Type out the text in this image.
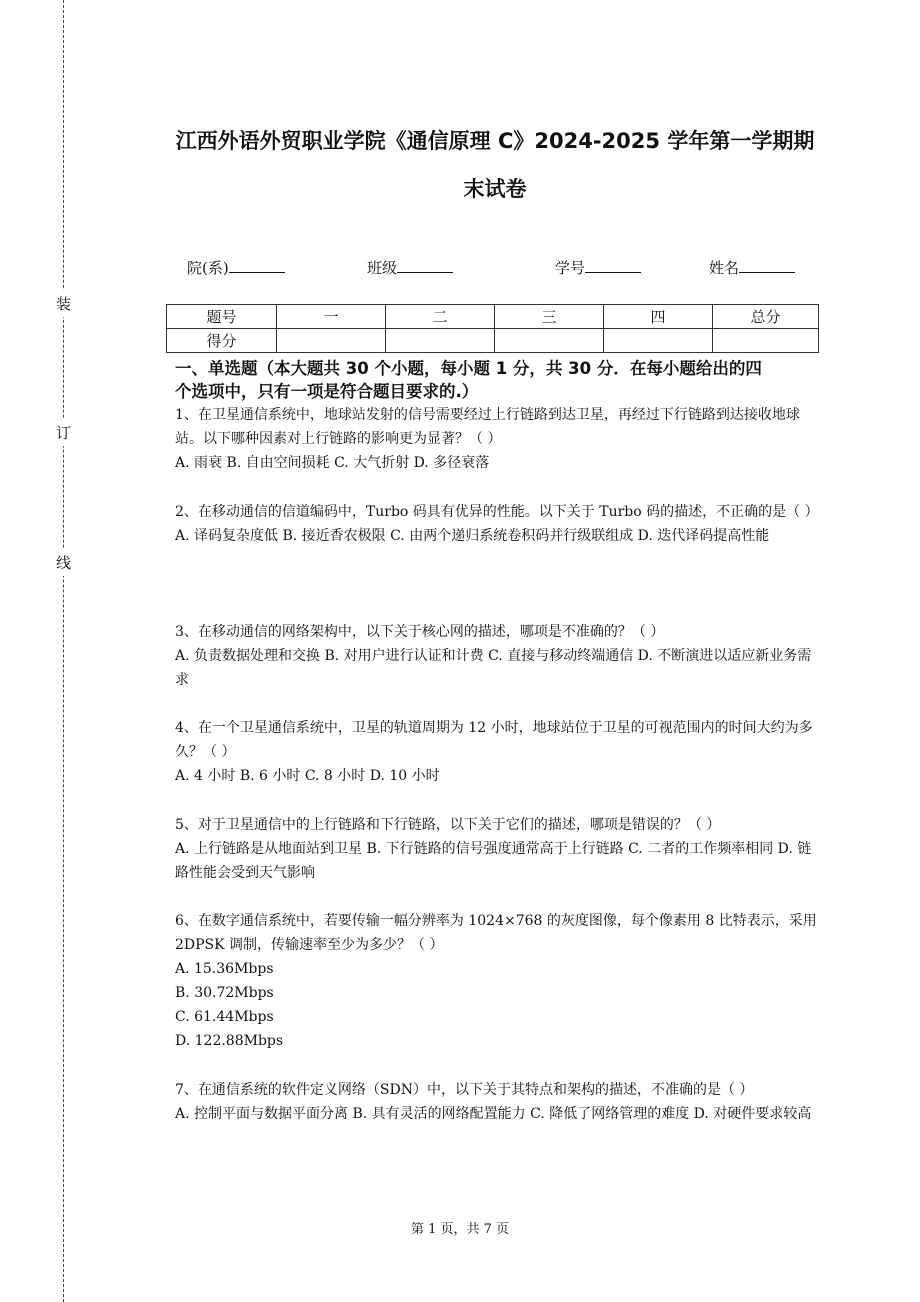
装
订
线
江西外语外贸职业学院《通信原理 C》2024-2025 学年第一学期期
末试卷
院(系)	班级	学号	姓名
题号	一	二	三	四	总分
得分					
一、单选题（本大题共 30 个小题，每小题 1 分，共 30 分．在每小题给出的四
个选项中，只有一项是符合题目要求的.）

1、在卫星通信系统中，地球站发射的信号需要经过上行链路到达卫星，再经过下行链路到达接收地球站。以下哪种因素对上行链路的影响更为显著？（ ）

A. 雨衰 B. 自由空间损耗 C. 大气折射 D. 多径衰落

2、在移动通信的信道编码中，Turbo 码具有优异的性能。以下关于 Turbo 码的描述，不正确的是（ ）

A. 译码复杂度低 B. 接近香农极限 C. 由两个递归系统卷积码并行级联组成 D. 迭代译码提高性能

3、在移动通信的网络架构中，以下关于核心网的描述，哪项是不准确的？（ ）

A. 负责数据处理和交换 B. 对用户进行认证和计费 C. 直接与移动终端通信 D. 不断演进以适应新业务需求

4、在一个卫星通信系统中，卫星的轨道周期为 12 小时，地球站位于卫星的可视范围内的时间大约为多久？（ ）

A. 4 小时 B. 6 小时 C. 8 小时 D. 10 小时

5、对于卫星通信中的上行链路和下行链路，以下关于它们的描述，哪项是错误的？（ ）

A. 上行链路是从地面站到卫星 B. 下行链路的信号强度通常高于上行链路 C. 二者的工作频率相同 D. 链路性能会受到天气影响

6、在数字通信系统中，若要传输一幅分辨率为 1024×768 的灰度图像，每个像素用 8 比特表示，采用 2DPSK 调制，传输速率至少为多少？（ ）

A. 15.36Mbps

B. 30.72Mbps

C. 61.44Mbps

D. 122.88Mbps

7、在通信系统的软件定义网络（SDN）中，以下关于其特点和架构的描述，不准确的是（ ）

A. 控制平面与数据平面分离 B. 具有灵活的网络配置能力 C. 降低了网络管理的难度 D. 对硬件要求较高

第 1 页，共 7 页
